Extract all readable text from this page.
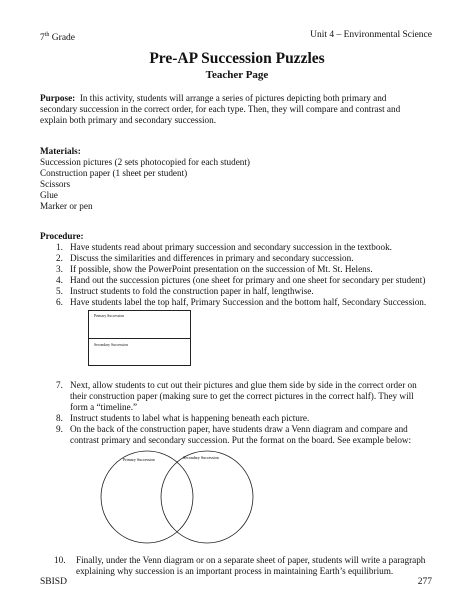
7th Grade	Unit 4 – Environmental Science
Pre-AP Succession Puzzles
Teacher Page
Purpose: In this activity, students will arrange a series of pictures depicting both primary and
secondary succession in the correct order, for each type. Then, they will compare and contrast and
explain both primary and secondary succession.
Materials:
Succession pictures (2 sets photocopied for each student)
Construction paper (1 sheet per student)
Scissors
Glue
Marker or pen
Procedure:
1. Have students read about primary succession and secondary succession in the textbook.
2. Discuss the similarities and differences in primary and secondary succession.
3. If possible, show the PowerPoint presentation on the succession of Mt. St. Helens.
4. Hand out the succession pictures (one sheet for primary and one sheet for secondary per student)
5. Instruct students to fold the construction paper in half, lengthwise.
6. Have students label the top half, Primary Succession and the bottom half, Secondary Succession.
Primary Succession
Secondary Succession
7. Next, allow students to cut out their pictures and glue them side by side in the correct order on
their construction paper (making sure to get the correct pictures in the correct half). They will
form a “timeline.”
8. Instruct students to label what is happening beneath each picture.
9. On the back of the construction paper, have students draw a Venn diagram and compare and
contrast primary and secondary succession. Put the format on the board. See example below:
Primary Succession	Secondary Succession
10. Finally, under the Venn diagram or on a separate sheet of paper, students will write a paragraph
explaining why succession is an important process in maintaining Earth’s equilibrium.
SBISD	277
